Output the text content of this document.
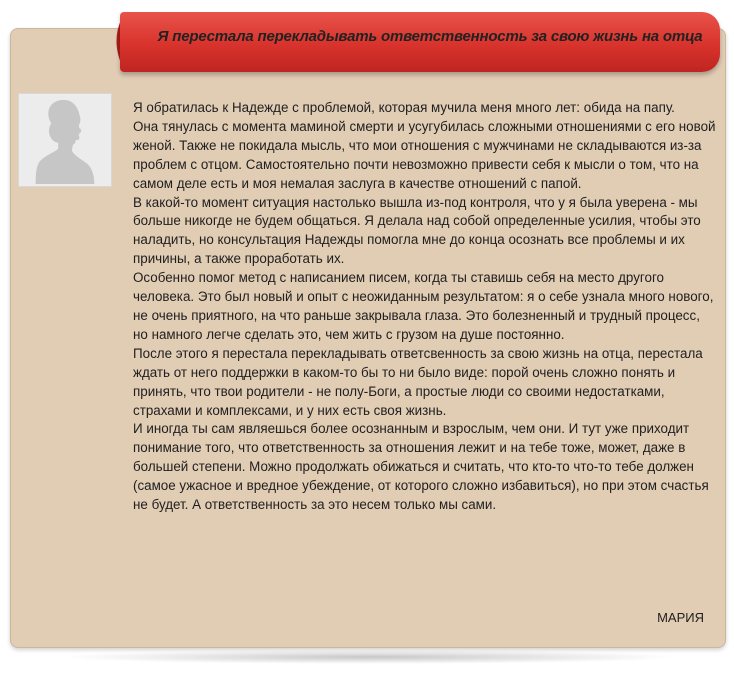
Я перестала перекладывать ответственность за свою жизнь на отца

Я обратилась к Надежде с проблемой, которая мучила меня много лет: обида на папу.

Она тянулась с момента маминой смерти и усугубилась сложными отношениями с его новой женой. Также не покидала мысль, что мои отношения с мужчинами не складываются из-за проблем с отцом. Самостоятельно почти невозможно привести себя к мысли о том, что на самом деле есть и моя немалая заслуга в качестве отношений с папой.

В какой-то момент ситуация настолько вышла из-под контроля, что у я была уверена - мы больше никогде не будем общаться. Я делала над собой определенные усилия, чтобы это наладить, но консультация Надежды помогла мне до конца осознать все проблемы и их причины, а также проработать их.

Особенно помог метод с написанием писем, когда ты ставишь себя на место другого человека. Это был новый и опыт с неожиданным результатом: я о себе узнала много нового, не очень приятного, на что раньше закрывала глаза. Это болезненный и трудный процесс, но намного легче сделать это, чем жить с грузом на душе постоянно.

После этого я перестала перекладывать ответсвенность за свою жизнь на отца, перестала ждать от него поддержки в каком-то бы то ни было виде: порой очень сложно понять и принять, что твои родители - не полу-Боги, а простые люди со своими недостатками, страхами и комплексами, и у них есть своя жизнь.

И иногда ты сам являешься более осознанным и взрослым, чем они. И тут уже приходит понимание того, что ответственность за отношения лежит и на тебе тоже, может, даже в большей степени. Можно продолжать обижаться и считать, что кто-то что-то тебе должен (самое ужасное и вредное убеждение, от которого сложно избавиться), но при этом счастья не будет. А ответственность за это несем только мы сами.

МАРИЯ
